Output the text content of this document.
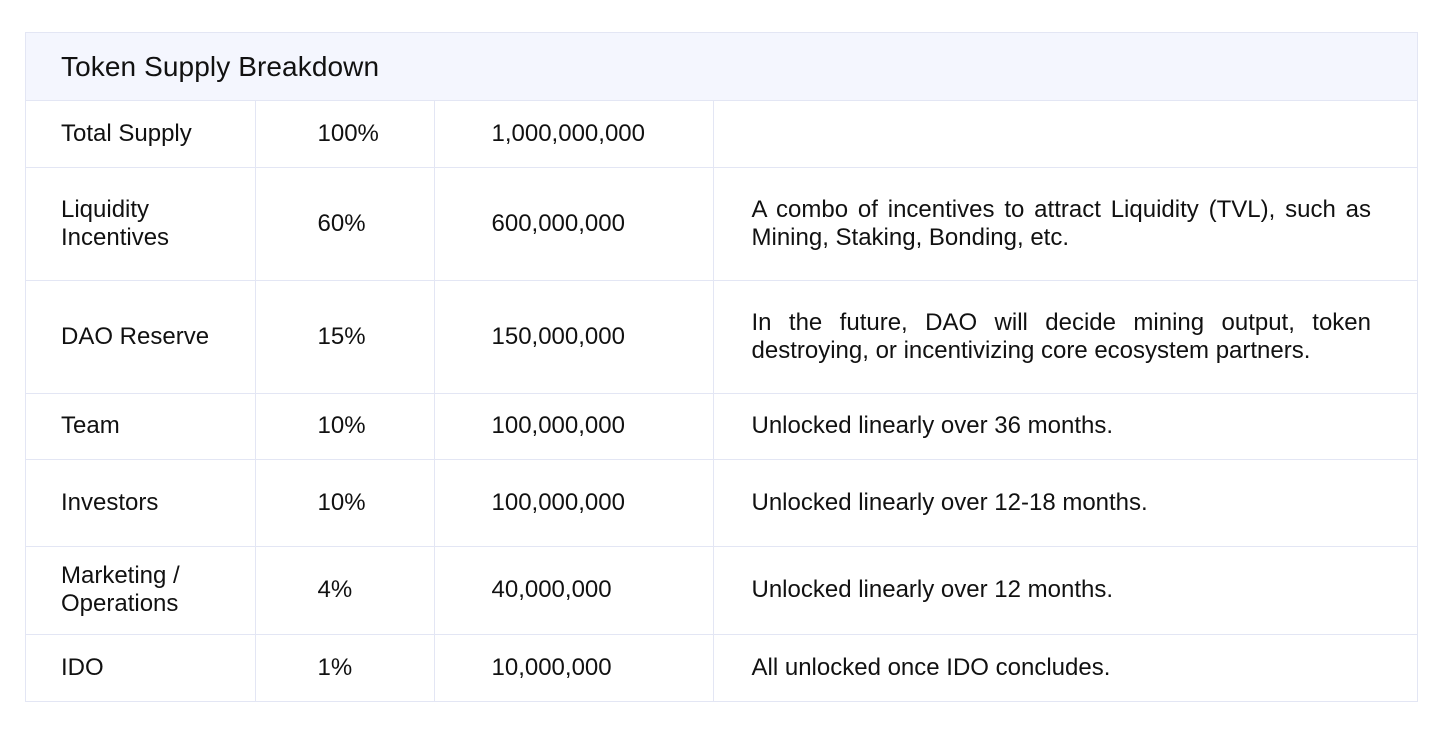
Token Supply Breakdown
Total Supply	100%	1,000,000,000	
Liquidity Incentives	60%	600,000,000	A combo of incentives to attract Liquidity (TVL), such as Mining, Staking, Bonding, etc.
DAO Reserve	15%	150,000,000	In the future, DAO will decide mining output, token destroying, or incentivizing core ecosystem partners.
Team	10%	100,000,000	Unlocked linearly over 36 months.
Investors	10%	100,000,000	Unlocked linearly over 12-18 months.
Marketing / Operations	4%	40,000,000	Unlocked linearly over 12 months.
IDO	1%	10,000,000	All unlocked once IDO concludes.
